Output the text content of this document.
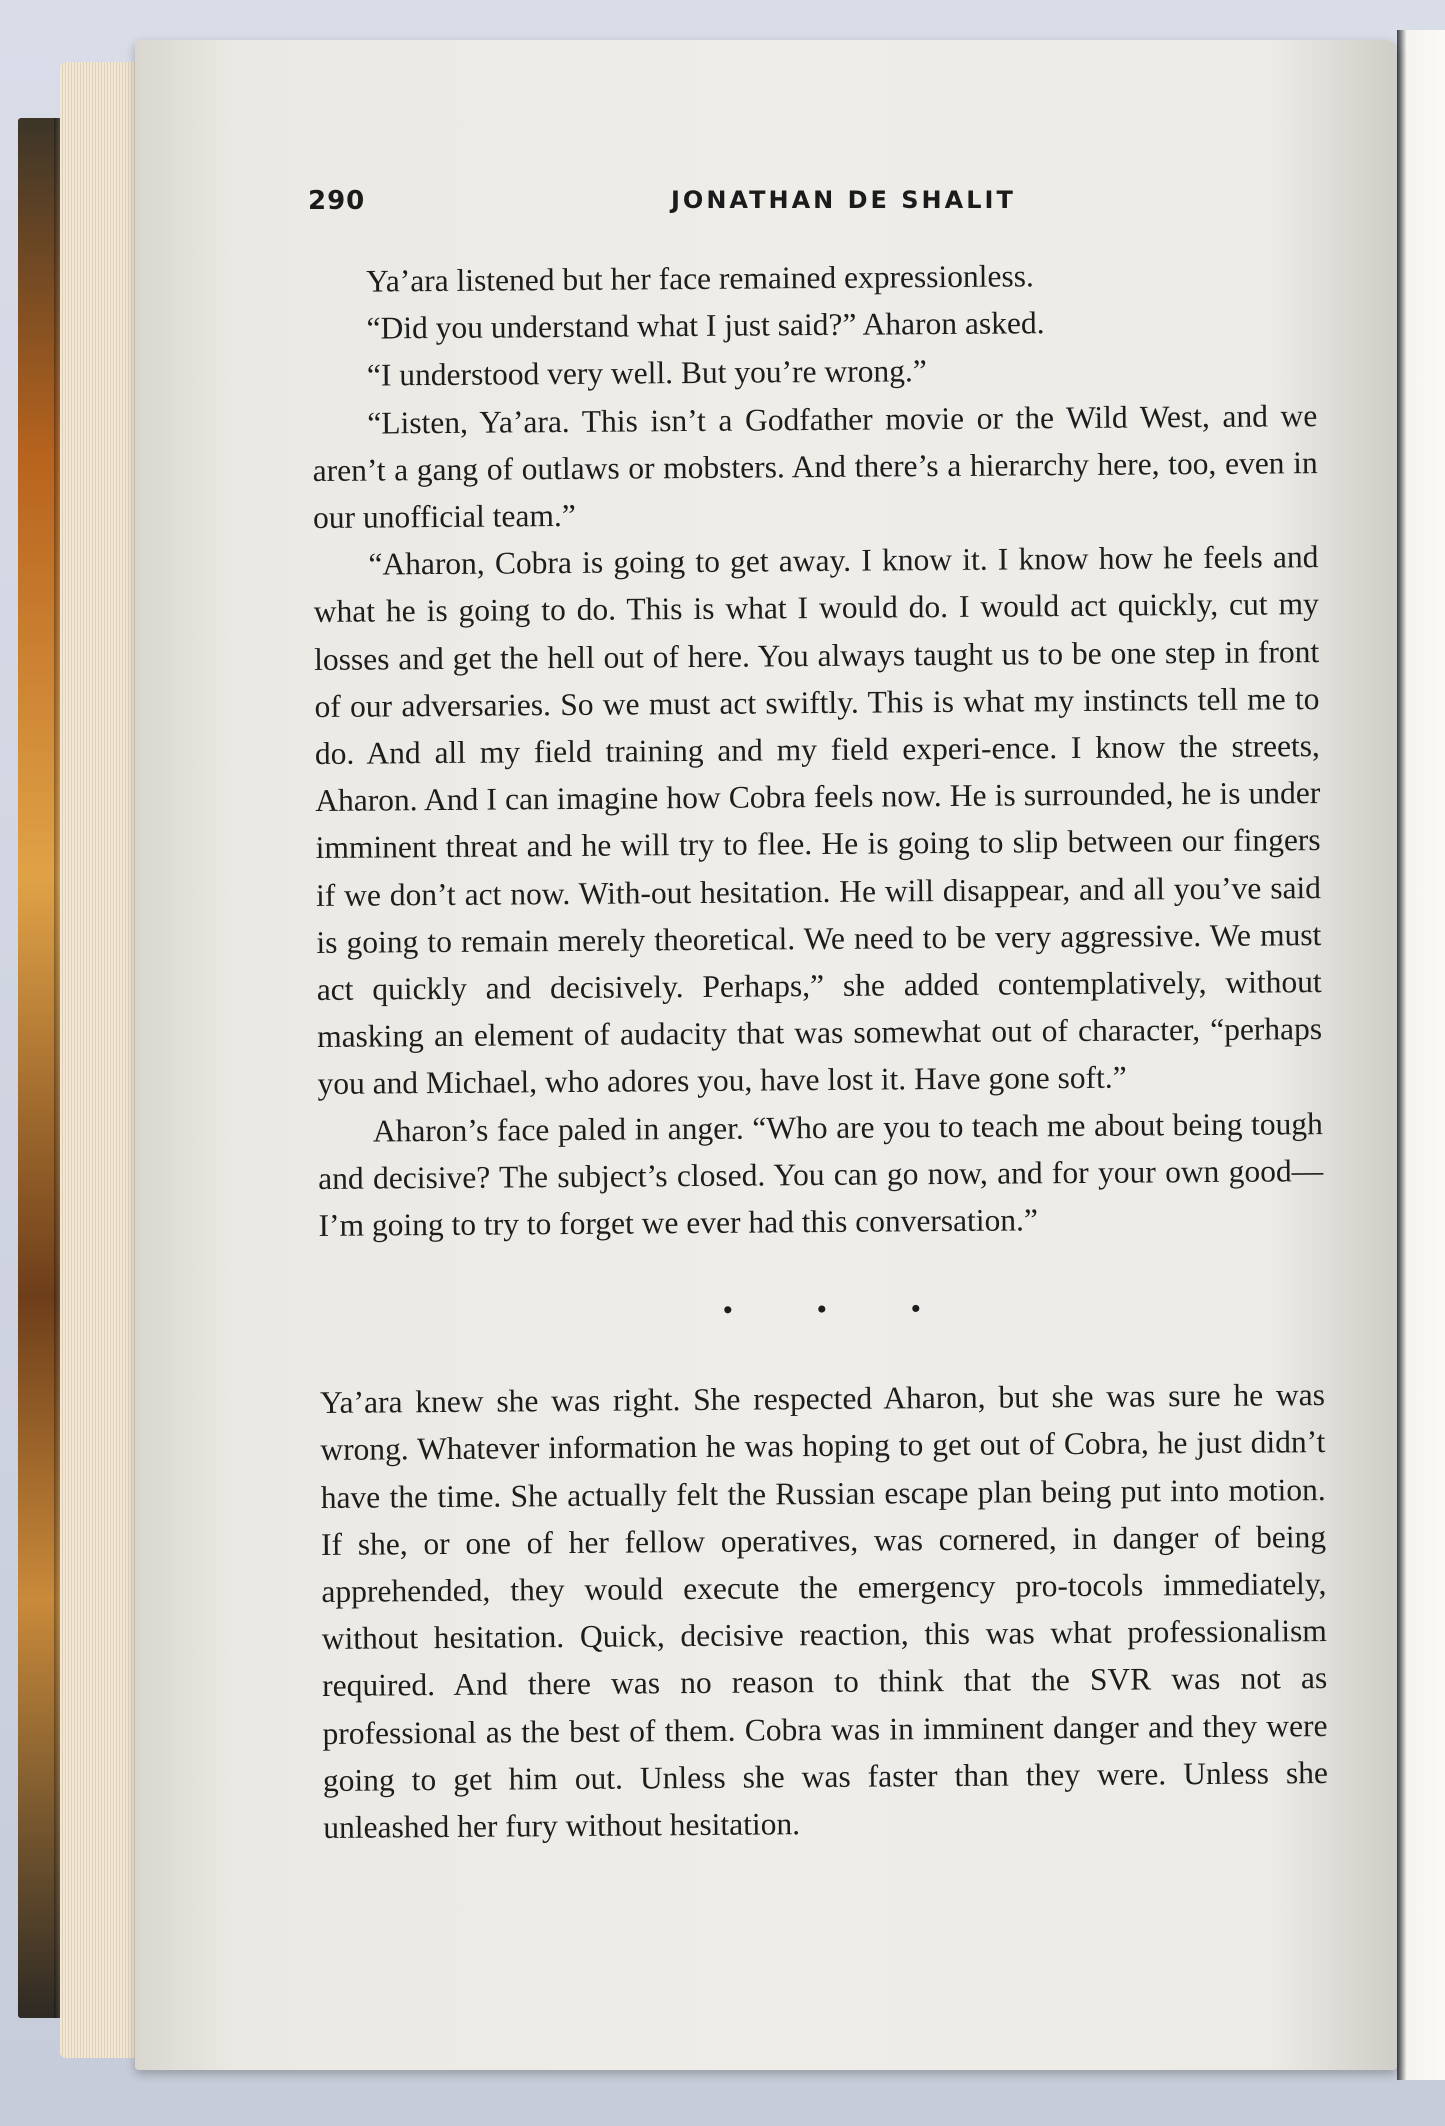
290	JONATHAN DE SHALIT

Ya’ara listened but her face remained expressionless.

“Did you understand what I just said?” Aharon asked.

“I understood very well. But you’re wrong.”

“Listen, Ya’ara. This isn’t a Godfather movie or the Wild West, and we aren’t a gang of outlaws or mobsters. And there’s a hierarchy here, too, even in our unofficial team.”

“Aharon, Cobra is going to get away. I know it. I know how he feels and what he is going to do. This is what I would do. I would act quickly, cut my losses and get the hell out of here. You always taught us to be one step in front of our adversaries. So we must act swiftly. This is what my instincts tell me to do. And all my field training and my field experi-ence. I know the streets, Aharon. And I can imagine how Cobra feels now. He is surrounded, he is under imminent threat and he will try to flee. He is going to slip between our fingers if we don’t act now. With-out hesitation. He will disappear, and all you’ve said is going to remain merely theoretical. We need to be very aggressive. We must act quickly and decisively. Perhaps,” she added contemplatively, without masking an element of audacity that was somewhat out of character, “perhaps you and Michael, who adores you, have lost it. Have gone soft.”

Aharon’s face paled in anger. “Who are you to teach me about being tough and decisive? The subject’s closed. You can go now, and for your own good—I’m going to try to forget we ever had this conversation.”

• • •

Ya’ara knew she was right. She respected Aharon, but she was sure he was wrong. Whatever information he was hoping to get out of Cobra, he just didn’t have the time. She actually felt the Russian escape plan being put into motion. If she, or one of her fellow operatives, was cornered, in danger of being apprehended, they would execute the emergency pro-tocols immediately, without hesitation. Quick, decisive reaction, this was what professionalism required. And there was no reason to think that the SVR was not as professional as the best of them. Cobra was in imminent danger and they were going to get him out. Unless she was faster than they were. Unless she unleashed her fury without hesitation.
